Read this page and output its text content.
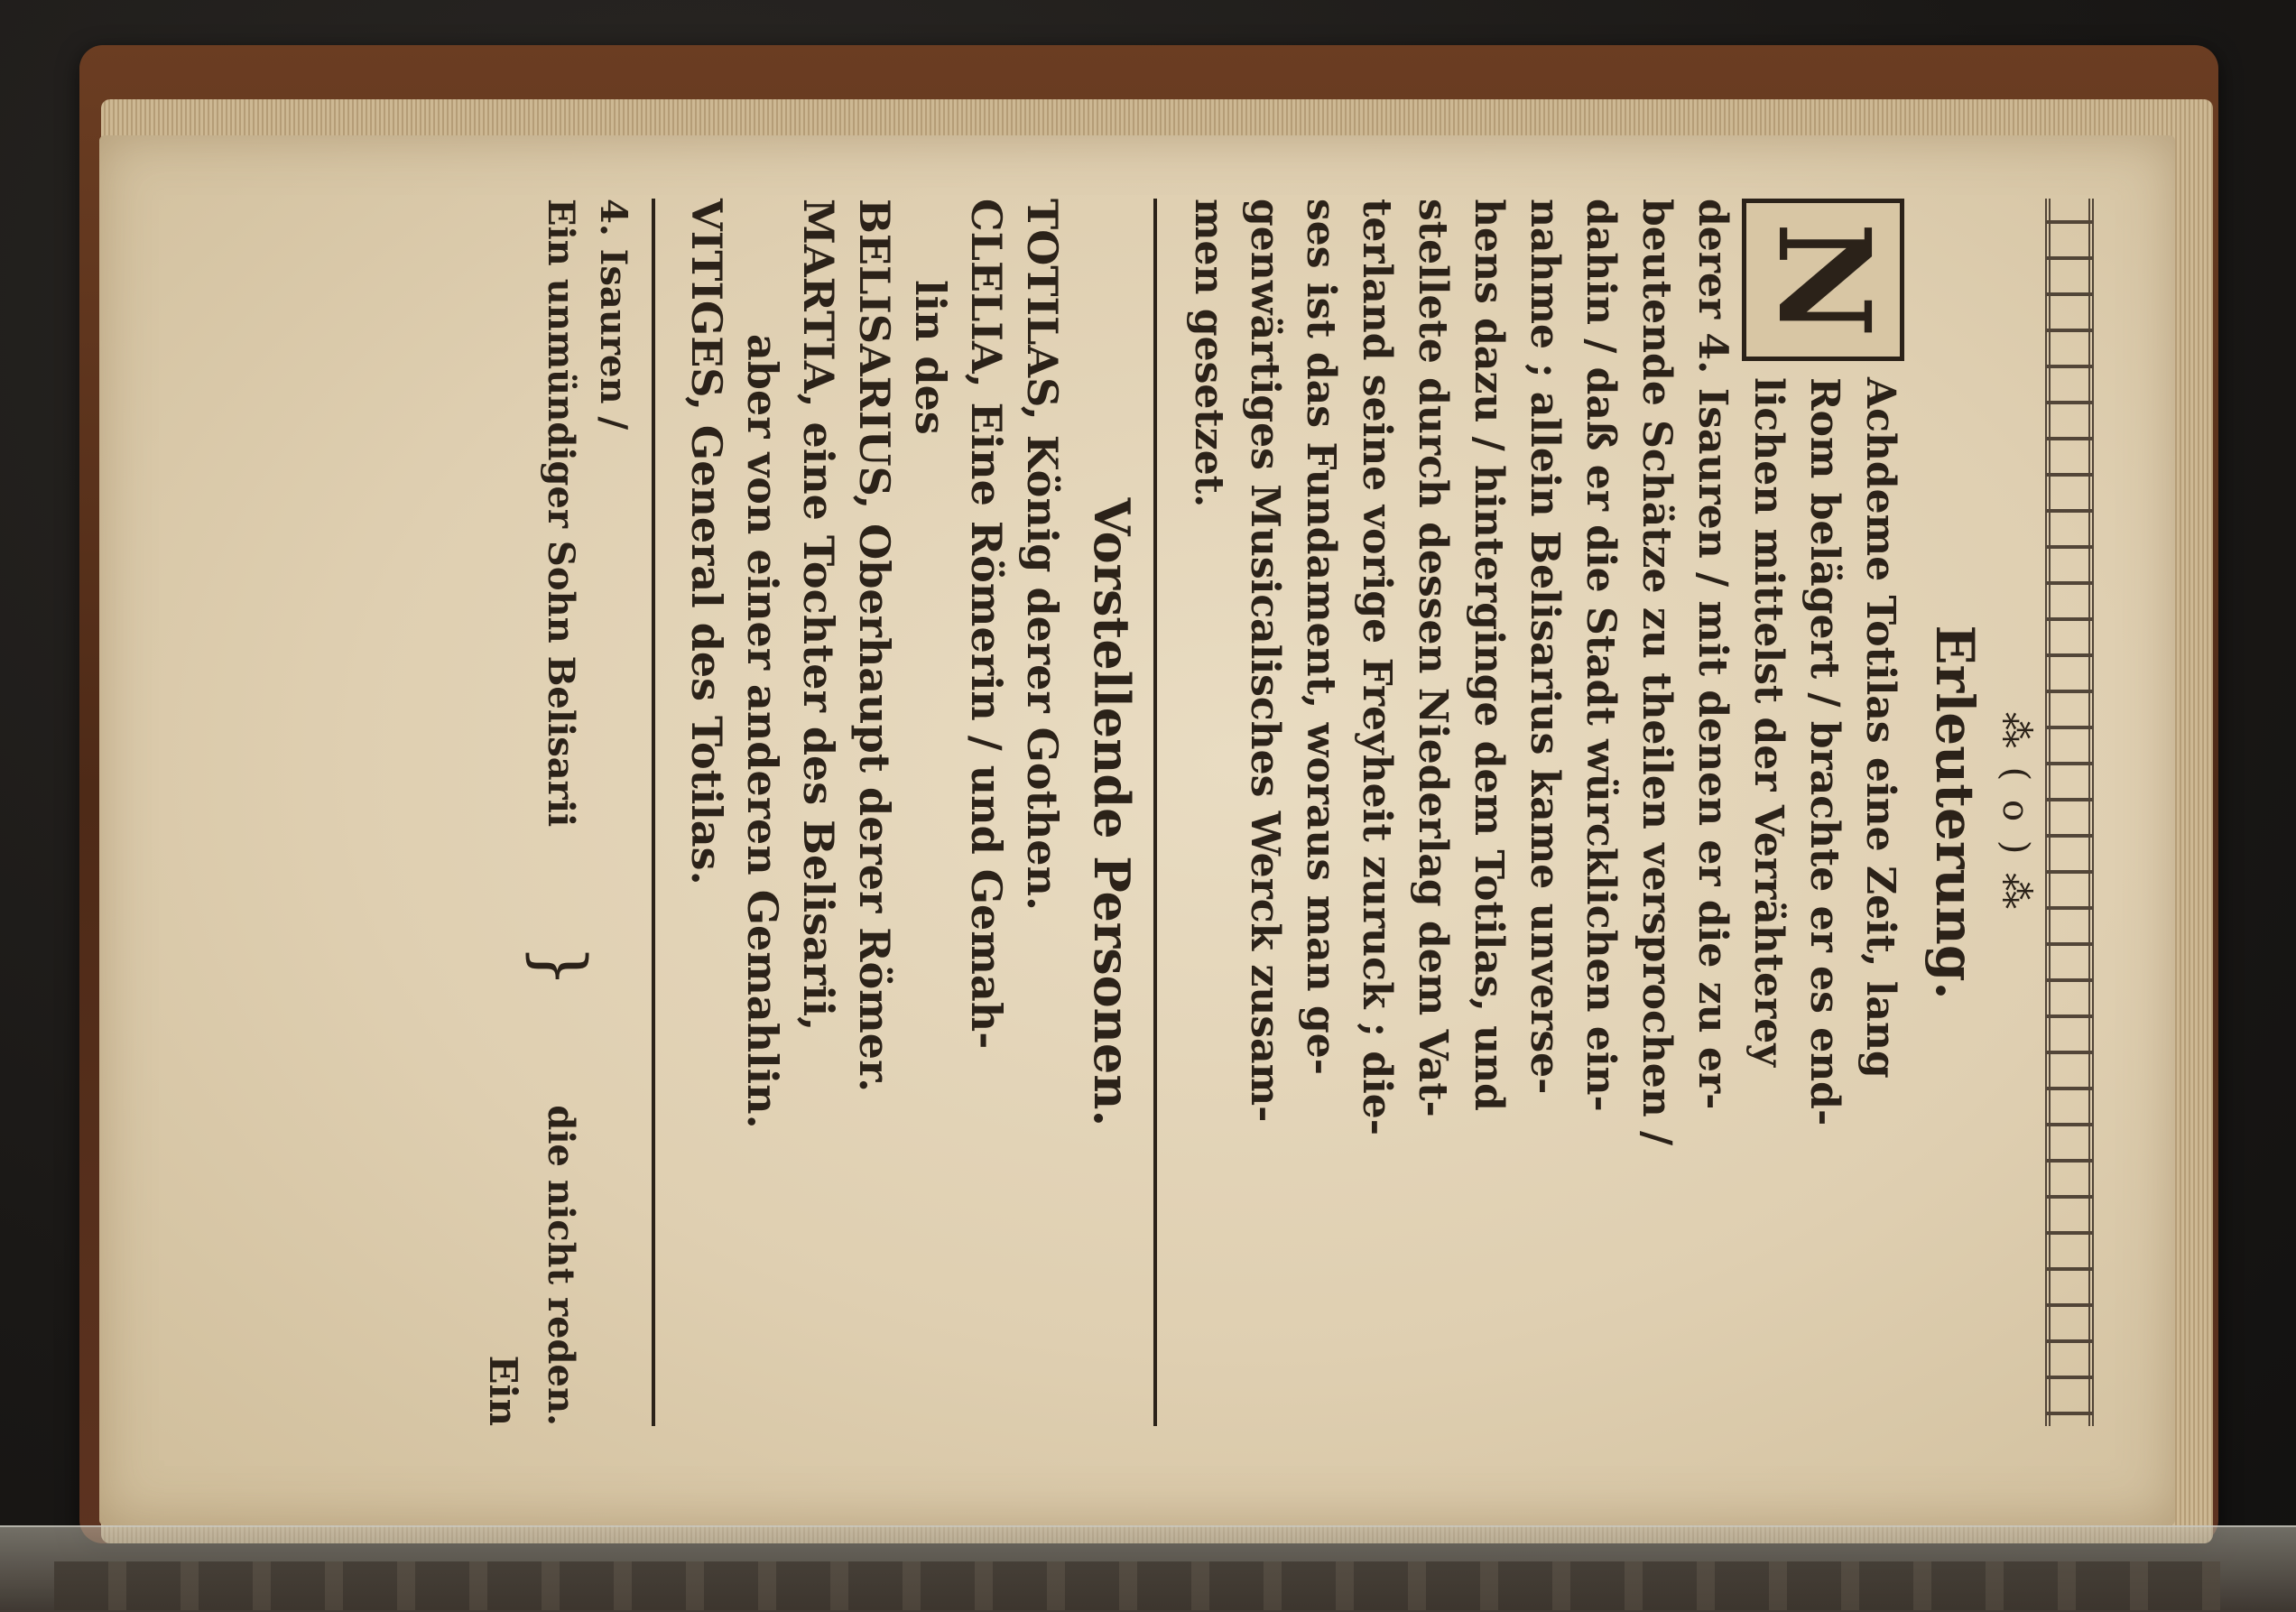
⁂ ( o ) ⁂
Erleuterung.
N
Achdeme Totilas eine Zeit, lang
Rom belägert / brachte er es end-
lichen mittelst der Verrähterey
derer 4. Isauren / mit denen er die zu er-
beutende Schätze zu theilen versprochen /
dahin / daß er die Stadt würcklichen ein-
nahme ; allein Belisarius kame unverse-
hens dazu / hinterginge dem Totilas, und
stellete durch dessen Niederlag dem Vat-
terland seine vorige Freyheit zuruck ; die-
ses ist das Fundament, woraus man ge-
genwärtiges Musicalisches Werck zusam-
men gesetzet.
Vorstellende Personen.
TOTILAS, König derer Gothen.
CLELIA, Eine Römerin / und Gemah-
lin des
BELISARIUS, Oberhaupt derer Römer.
MARTIA, eine Tochter des Belisarii,
aber von einer anderen Gemahlin.
VITIGES, General des Totilas.
4. Isauren /
Ein unmündiger Sohn Belisarii
}
die nicht reden.
Ein
